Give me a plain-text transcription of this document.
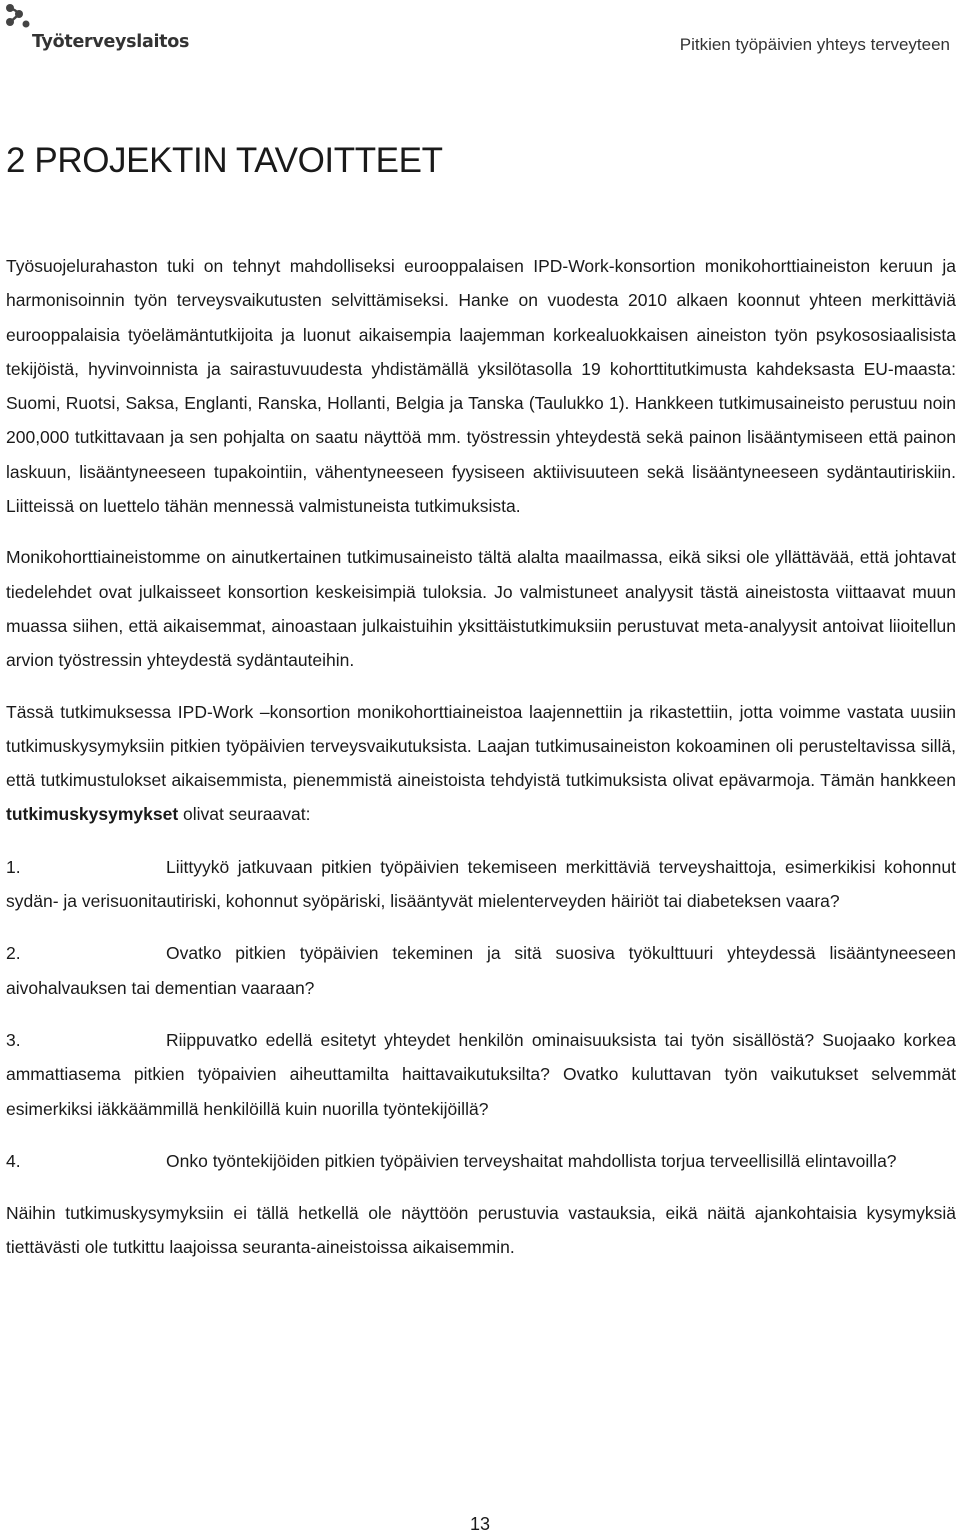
Työterveyslaitos	Pitkien työpäivien yhteys terveyteen
2 PROJEKTIN TAVOITTEET

Työsuojelurahaston tuki on tehnyt mahdolliseksi eurooppalaisen IPD-Work-konsortion monikohorttiaineiston keruun ja harmonisoinnin työn terveysvaikutusten selvittämiseksi. Hanke on vuodesta 2010 alkaen koonnut yhteen merkittäviä eurooppalaisia työelämäntutkijoita ja luonut aikaisempia laajemman korkealuokkaisen aineiston työn psykososiaalisista tekijöistä, hyvinvoinnista ja sairastuvuudesta yhdistämällä yksilötasolla 19 kohorttitutkimusta kahdeksasta EU-maasta: Suomi, Ruotsi, Saksa, Englanti, Ranska, Hollanti, Belgia ja Tanska (Taulukko 1). Hankkeen tutkimusaineisto perustuu noin 200,000 tutkittavaan ja sen pohjalta on saatu näyttöä mm. työstressin yhteydestä sekä painon lisääntymiseen että painon laskuun, lisääntyneeseen tupakointiin, vähentyneeseen fyysiseen aktiivisuuteen sekä lisääntyneeseen sydäntautiriskiin. Liitteissä on luettelo tähän mennessä valmistuneista tutkimuksista.

Monikohorttiaineistomme on ainutkertainen tutkimusaineisto tältä alalta maailmassa, eikä siksi ole yllättävää, että johtavat tiedelehdet ovat julkaisseet konsortion keskeisimpiä tuloksia. Jo valmistuneet analyysit tästä aineistosta viittaavat muun muassa siihen, että aikaisemmat, ainoastaan julkaistuihin yksittäistutkimuksiin perustuvat meta-analyysit antoivat liioitellun arvion työstressin yhteydestä sydäntauteihin.

Tässä tutkimuksessa IPD-Work –konsortion monikohorttiaineistoa laajennettiin ja rikastettiin, jotta voimme vastata uusiin tutkimuskysymyksiin pitkien työpäivien terveysvaikutuksista. Laajan tutkimusaineiston kokoaminen oli perusteltavissa sillä, että tutkimustulokset aikaisemmista, pienemmistä aineistoista tehdyistä tutkimuksista olivat epävarmoja. Tämän hankkeen tutkimuskysymykset olivat seuraavat:

1.	Liittyykö jatkuvaan pitkien työpäivien tekemiseen merkittäviä terveyshaittoja, esimerkikisi kohonnut sydän- ja verisuonitautiriski, kohonnut syöpäriski, lisääntyvät mielenterveyden häiriöt tai diabeteksen vaara?
2.	Ovatko pitkien työpäivien tekeminen ja sitä suosiva työkulttuuri yhteydessä lisääntyneeseen aivohalvauksen tai dementian vaaraan?
3.	Riippuvatko edellä esitetyt yhteydet henkilön ominaisuuksista tai työn sisällöstä? Suojaako korkea ammattiasema pitkien työpaivien aiheuttamilta haittavaikutuksilta? Ovatko kuluttavan työn vaikutukset selvemmät esimerkiksi iäkkäämmillä henkilöillä kuin nuorilla työntekijöillä?
4.	Onko työntekijöiden pitkien työpäivien terveyshaitat mahdollista torjua terveellisillä elintavoilla?

Näihin tutkimuskysymyksiin ei tällä hetkellä ole näyttöön perustuvia vastauksia, eikä näitä ajankohtaisia kysymyksiä tiettävästi ole tutkittu laajoissa seuranta-aineistoissa aikaisemmin.

13
